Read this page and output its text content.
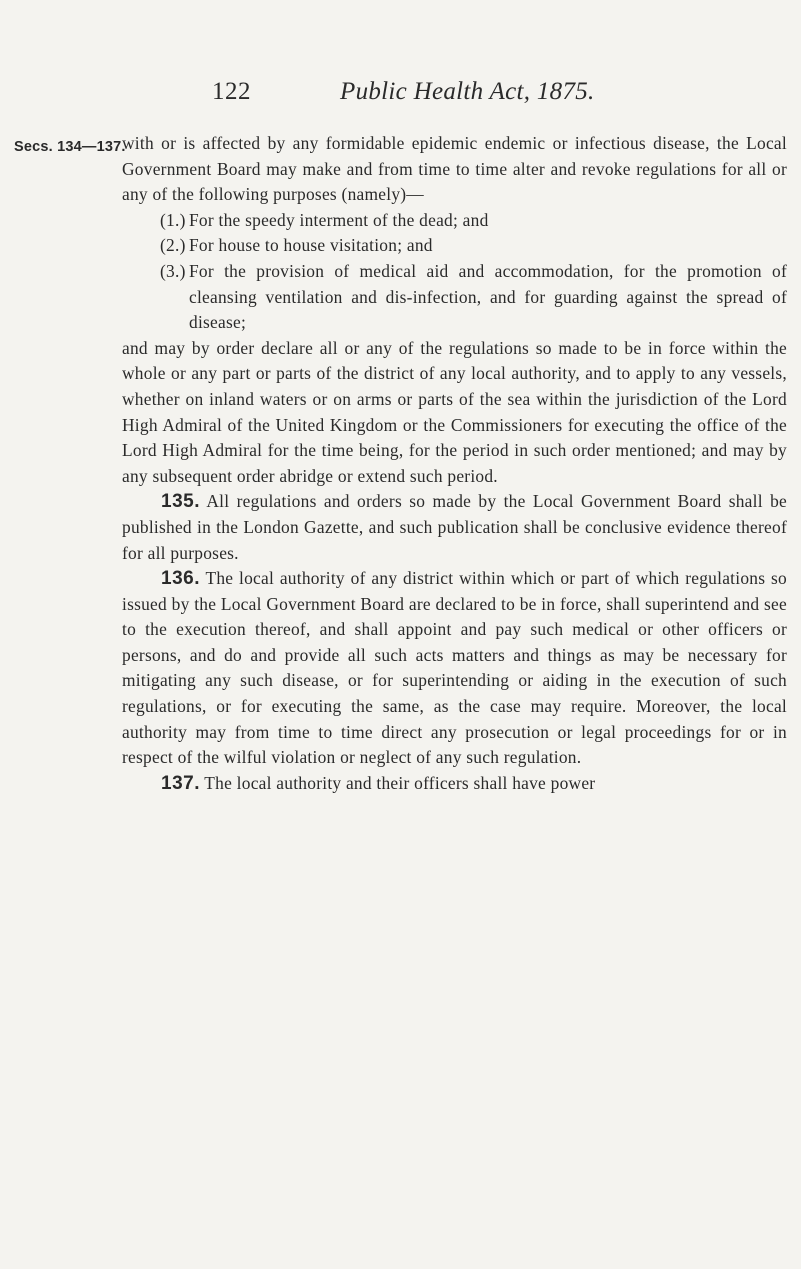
122	Public Health Act, 1875.
Secs. 134—137.

with or is affected by any formidable epidemic endemic or infectious disease, the Local Government Board may make and from time to time alter and revoke regulations for all or any of the following purposes (namely)—

(1.) For the speedy interment of the dead; and
(2.) For house to house visitation; and
(3.) For the provision of medical aid and accommodation, for the promotion of cleansing ventilation and dis-infection, and for guarding against the spread of disease;

and may by order declare all or any of the regulations so made to be in force within the whole or any part or parts of the district of any local authority, and to apply to any vessels, whether on inland waters or on arms or parts of the sea within the jurisdiction of the Lord High Admiral of the United Kingdom or the Commissioners for executing the office of the Lord High Admiral for the time being, for the period in such order mentioned; and may by any subsequent order abridge or extend such period.

135. All regulations and orders so made by the Local Government Board shall be published in the London Gazette, and such publication shall be conclusive evidence thereof for all purposes.

136. The local authority of any district within which or part of which regulations so issued by the Local Government Board are declared to be in force, shall superintend and see to the execution thereof, and shall appoint and pay such medical or other officers or persons, and do and provide all such acts matters and things as may be necessary for mitigating any such disease, or for superintending or aiding in the execution of such regulations, or for executing the same, as the case may require. Moreover, the local authority may from time to time direct any prosecution or legal proceedings for or in respect of the wilful violation or neglect of any such regulation.

137. The local authority and their officers shall have power
